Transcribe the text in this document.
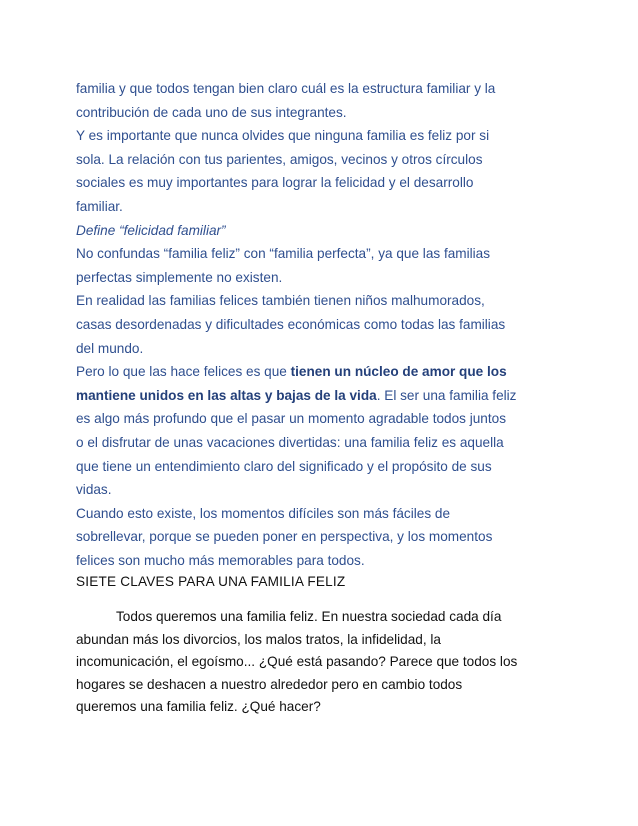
familia y que todos tengan bien claro cuál es la estructura familiar y la
contribución de cada uno de sus integrantes.
Y es importante que nunca olvides que ninguna familia es feliz por si
sola. La relación con tus parientes, amigos, vecinos y otros círculos
sociales es muy importantes para lograr la felicidad y el desarrollo
familiar.
Define “felicidad familiar”
No confundas “familia feliz” con “familia perfecta”, ya que las familias
perfectas simplemente no existen.
En realidad las familias felices también tienen niños malhumorados,
casas desordenadas y dificultades económicas como todas las familias
del mundo.
Pero lo que las hace felices es que tienen un núcleo de amor que los
mantiene unidos en las altas y bajas de la vida. El ser una familia feliz
es algo más profundo que el pasar un momento agradable todos juntos
o el disfrutar de unas vacaciones divertidas: una familia feliz es aquella
que tiene un entendimiento claro del significado y el propósito de sus
vidas.
Cuando esto existe, los momentos difíciles son más fáciles de
sobrellevar, porque se pueden poner en perspectiva, y los momentos
felices son mucho más memorables para todos.

SIETE CLAVES PARA UNA FAMILIA FELIZ

Todos queremos una familia feliz. En nuestra sociedad cada día
abundan más los divorcios, los malos tratos, la infidelidad, la
incomunicación, el egoísmo... ¿Qué está pasando? Parece que todos los
hogares se deshacen a nuestro alrededor pero en cambio todos
queremos una familia feliz. ¿Qué hacer?
